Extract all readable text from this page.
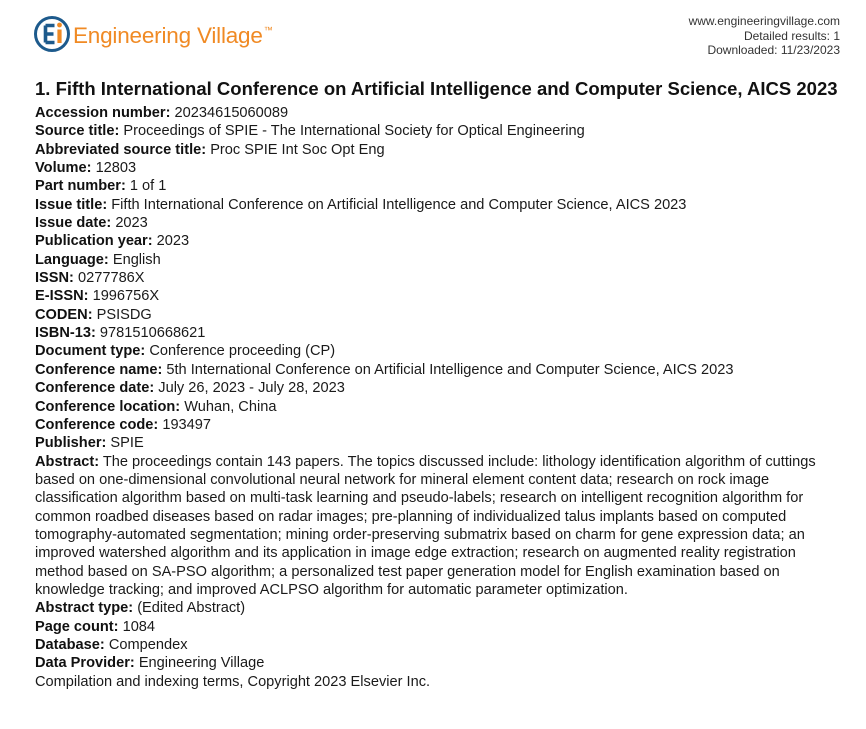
Engineering Village™
www.engineeringvillage.com
Detailed results: 1
Downloaded: 11/23/2023
1. Fifth International Conference on Artificial Intelligence and Computer Science, AICS 2023
Accession number: 20234615060089
Source title: Proceedings of SPIE - The International Society for Optical Engineering
Abbreviated source title: Proc SPIE Int Soc Opt Eng
Volume: 12803
Part number: 1 of 1
Issue title: Fifth International Conference on Artificial Intelligence and Computer Science, AICS 2023
Issue date: 2023
Publication year: 2023
Language: English
ISSN: 0277786X
E-ISSN: 1996756X
CODEN: PSISDG
ISBN-13: 9781510668621
Document type: Conference proceeding (CP)
Conference name: 5th International Conference on Artificial Intelligence and Computer Science, AICS 2023
Conference date: July 26, 2023 - July 28, 2023
Conference location: Wuhan, China
Conference code: 193497
Publisher: SPIE
Abstract: The proceedings contain 143 papers. The topics discussed include: lithology identification algorithm of cuttings based on one-dimensional convolutional neural network for mineral element content data; research on rock image classification algorithm based on multi-task learning and pseudo-labels; research on intelligent recognition algorithm for common roadbed diseases based on radar images; pre-planning of individualized talus implants based on computed tomography-automated segmentation; mining order-preserving submatrix based on charm for gene expression data; an improved watershed algorithm and its application in image edge extraction; research on augmented reality registration method based on SA-PSO algorithm; a personalized test paper generation model for English examination based on knowledge tracking; and improved ACLPSO algorithm for automatic parameter optimization.
Abstract type: (Edited Abstract)
Page count: 1084
Database: Compendex
Data Provider: Engineering Village
Compilation and indexing terms, Copyright 2023 Elsevier Inc.
